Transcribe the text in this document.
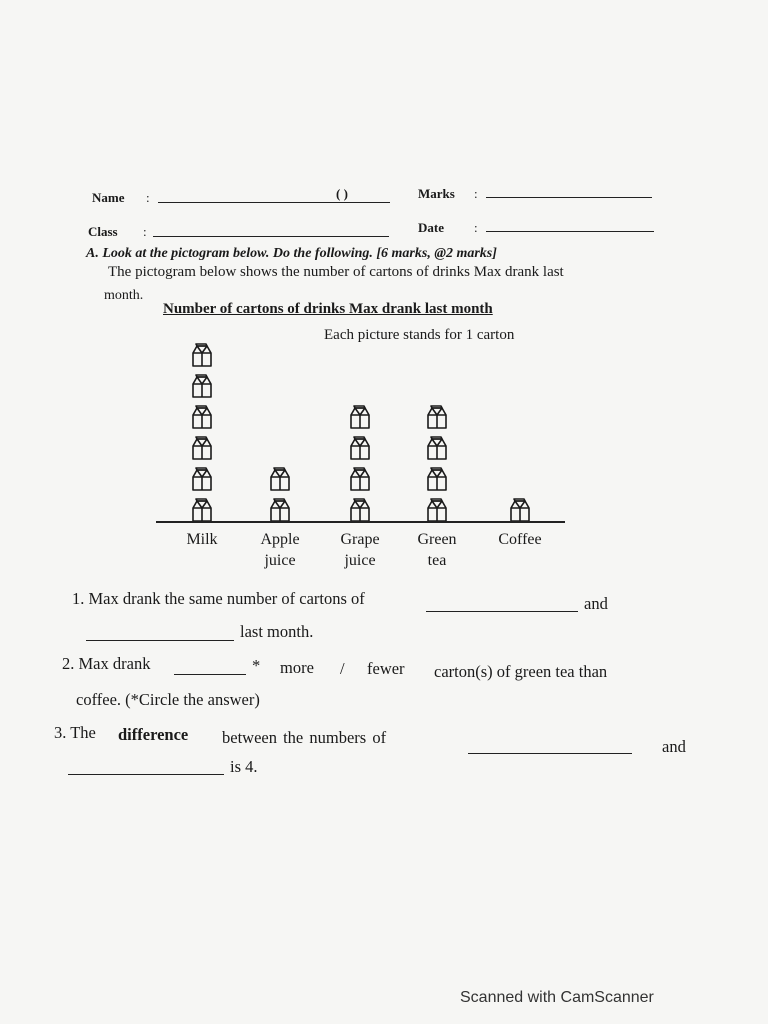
Name :	( )	Marks :
Class :	Date :
A. Look at the pictogram below. Do the following. [6 marks, @2 marks]
The pictogram below shows the number of cartons of drinks Max drank last
month.
Number of cartons of drinks Max drank last month
Each picture stands for 1 carton
Milk	Apple
juice
Grape
juice
Green
tea
Coffee
1. Max drank the same number of cartons of	and
last month.
2. Max drank	* more / fewer carton(s) of green tea than
coffee. (*Circle the answer)
3. The difference between the numbers of	and
is 4.
Scanned with CamScanner
